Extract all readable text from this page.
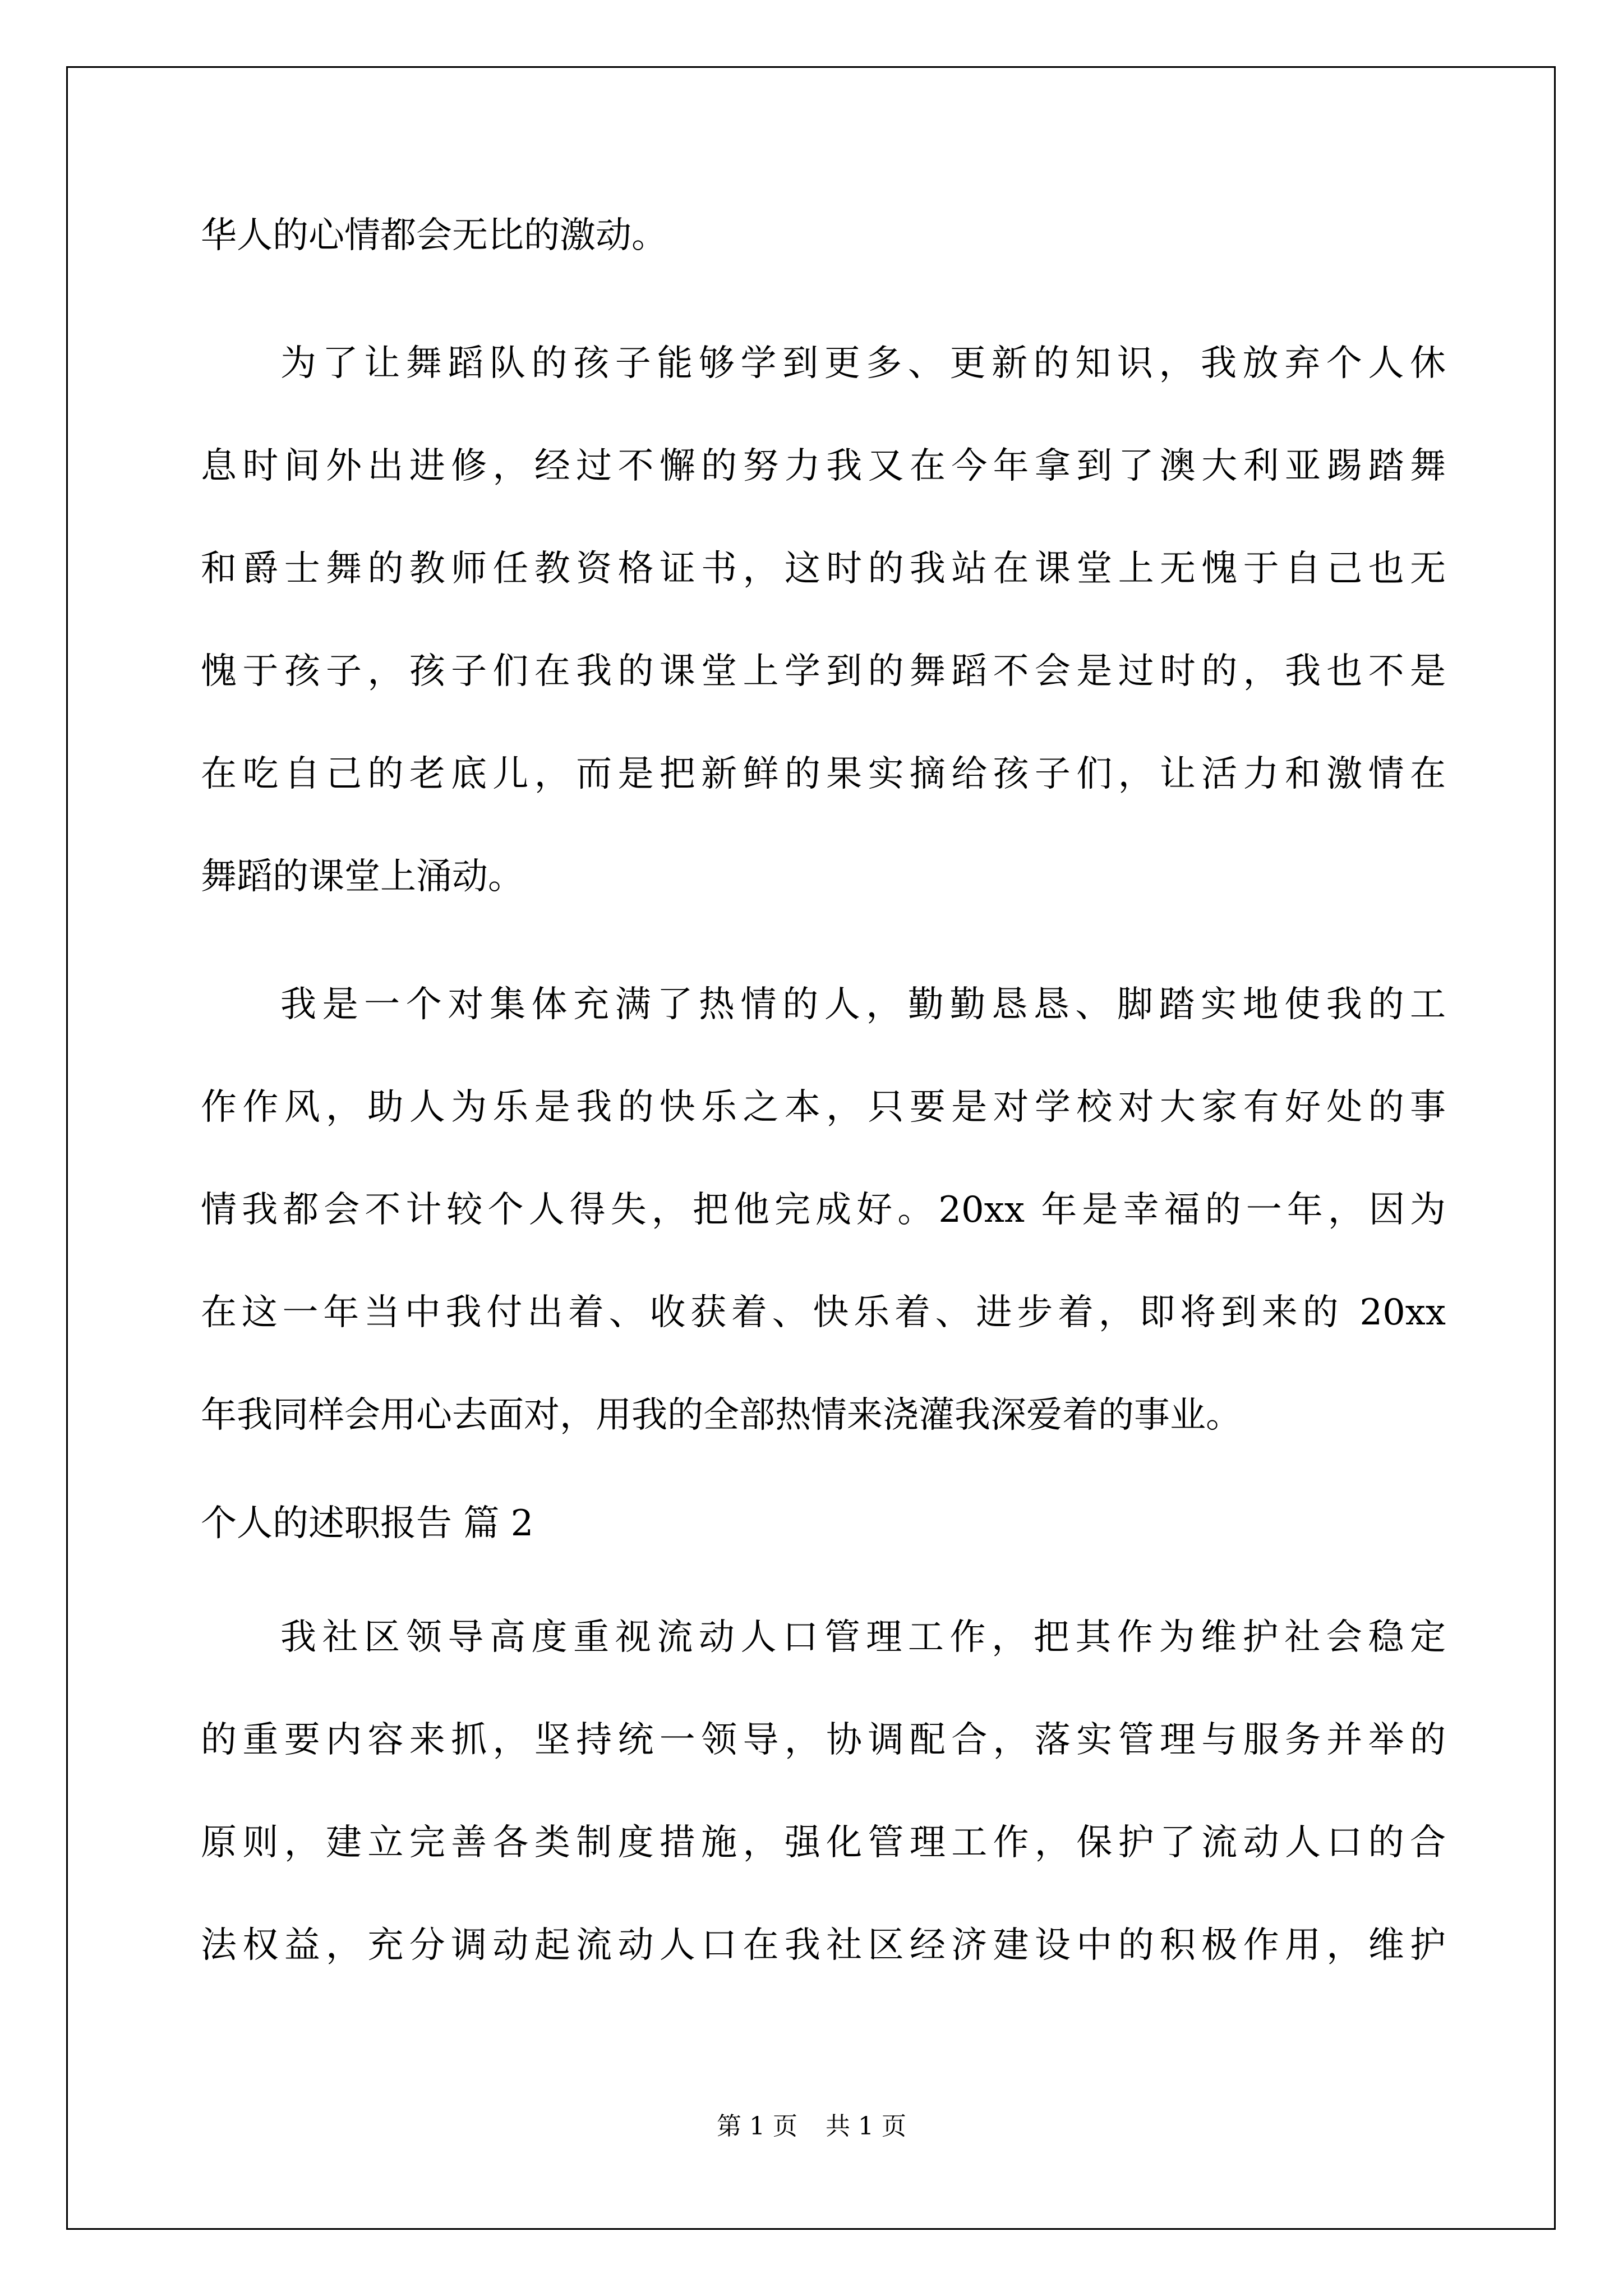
华人的心情都会无比的激动。

为了让舞蹈队的孩子能够学到更多、更新的知识，我放弃个人休

息时间外出进修，经过不懈的努力我又在今年拿到了澳大利亚踢踏舞

和爵士舞的教师任教资格证书，这时的我站在课堂上无愧于自己也无

愧于孩子，孩子们在我的课堂上学到的舞蹈不会是过时的，我也不是

在吃自己的老底儿，而是把新鲜的果实摘给孩子们，让活力和激情在

舞蹈的课堂上涌动。

我是一个对集体充满了热情的人，勤勤恳恳、脚踏实地使我的工

作作风，助人为乐是我的快乐之本，只要是对学校对大家有好处的事

情我都会不计较个人得失，把他完成好。20xx 年是幸福的一年，因为

在这一年当中我付出着、收获着、快乐着、进步着，即将到来的 20xx

年我同样会用心去面对，用我的全部热情来浇灌我深爱着的事业。

个人的述职报告 篇 2

我社区领导高度重视流动人口管理工作，把其作为维护社会稳定

的重要内容来抓，坚持统一领导，协调配合，落实管理与服务并举的

原则，建立完善各类制度措施，强化管理工作，保护了流动人口的合

法权益，充分调动起流动人口在我社区经济建设中的积极作用，维护

第 1 页 共 1 页
